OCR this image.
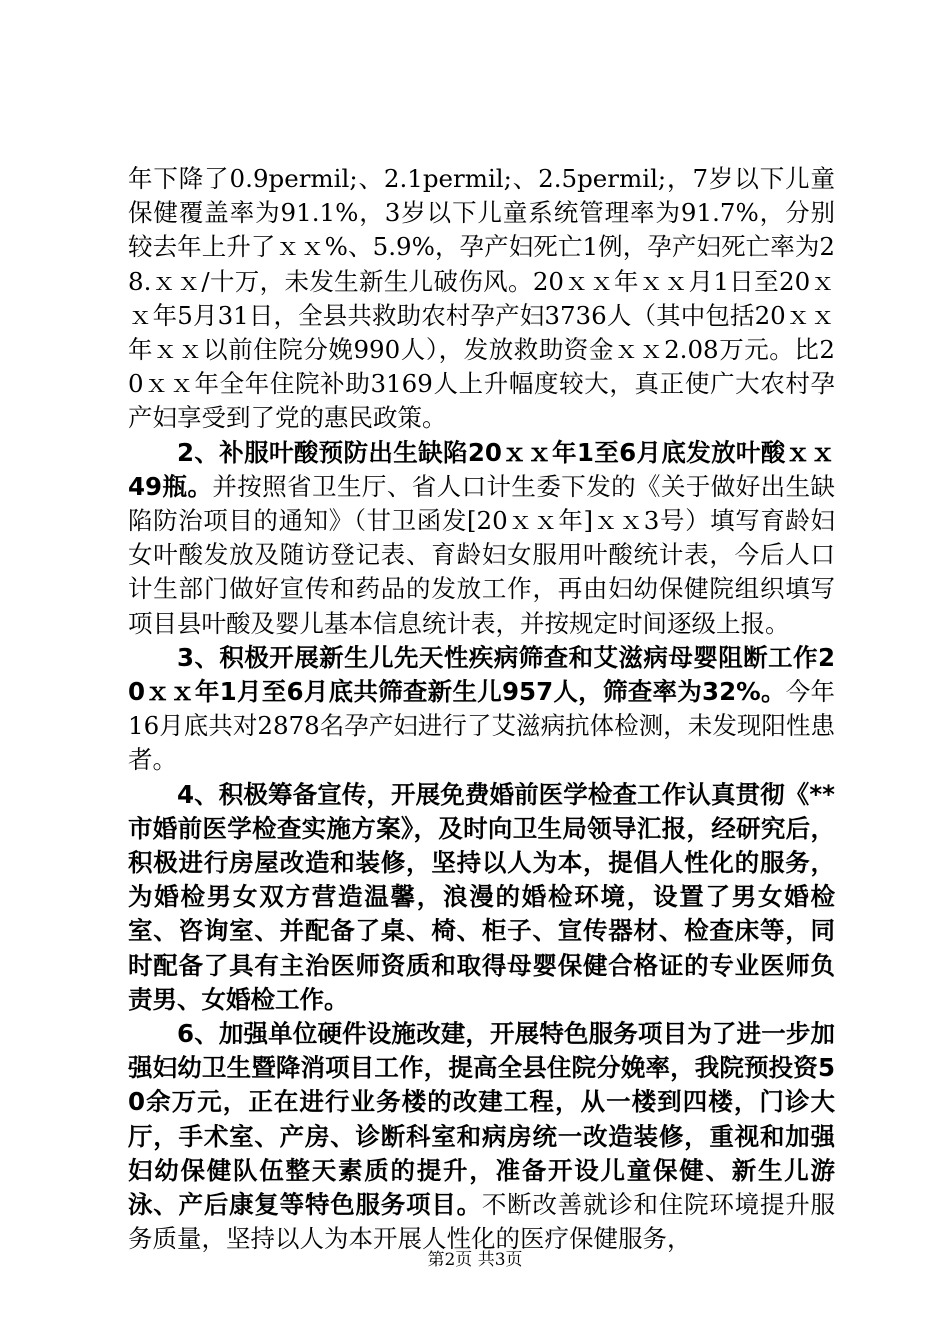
年下降了0.9permil;、2.1permil;、2.5permil;，7岁以下儿童保健覆盖率为91.1%，3岁以下儿童系统管理率为91.7%，分别较去年上升了ｘｘ%、5.9%，孕产妇死亡1例，孕产妇死亡率为28.ｘｘ/十万，未发生新生儿破伤风。20ｘｘ年ｘｘ月1日至20ｘｘ年5月31日，全县共救助农村孕产妇3736人（其中包括20ｘｘ年ｘｘ以前住院分娩990人），发放救助资金ｘｘ2.08万元。比20ｘｘ年全年住院补助3169人上升幅度较大，真正使广大农村孕产妇享受到了党的惠民政策。

2、补服叶酸预防出生缺陷20ｘｘ年1至6月底发放叶酸ｘｘ49瓶。并按照省卫生厅、省人口计生委下发的《关于做好出生缺陷防治项目的通知》（甘卫函发[20ｘｘ年]ｘｘ3号）填写育龄妇女叶酸发放及随访登记表、育龄妇女服用叶酸统计表，今后人口计生部门做好宣传和药品的发放工作，再由妇幼保健院组织填写项目县叶酸及婴儿基本信息统计表，并按规定时间逐级上报。

3、积极开展新生儿先天性疾病筛查和艾滋病母婴阻断工作20ｘｘ年1月至6月底共筛查新生儿957人，筛查率为32%。今年16月底共对2878名孕产妇进行了艾滋病抗体检测，未发现阳性患者。

4、积极筹备宣传，开展免费婚前医学检查工作认真贯彻《**市婚前医学检查实施方案》，及时向卫生局领导汇报，经研究后，积极进行房屋改造和装修，坚持以人为本，提倡人性化的服务，为婚检男女双方营造温馨，浪漫的婚检环境，设置了男女婚检室、咨询室、并配备了桌、椅、柜子、宣传器材、检查床等，同时配备了具有主治医师资质和取得母婴保健合格证的专业医师负责男、女婚检工作。

6、加强单位硬件设施改建，开展特色服务项目为了进一步加强妇幼卫生暨降消项目工作，提高全县住院分娩率，我院预投资50余万元，正在进行业务楼的改建工程，从一楼到四楼，门诊大厅，手术室、产房、诊断科室和病房统一改造装修，重视和加强妇幼保健队伍整天素质的提升，准备开设儿童保健、新生儿游泳、产后康复等特色服务项目。不断改善就诊和住院环境提升服务质量，坚持以人为本开展人性化的医疗保健服务，

第2页 共3页
